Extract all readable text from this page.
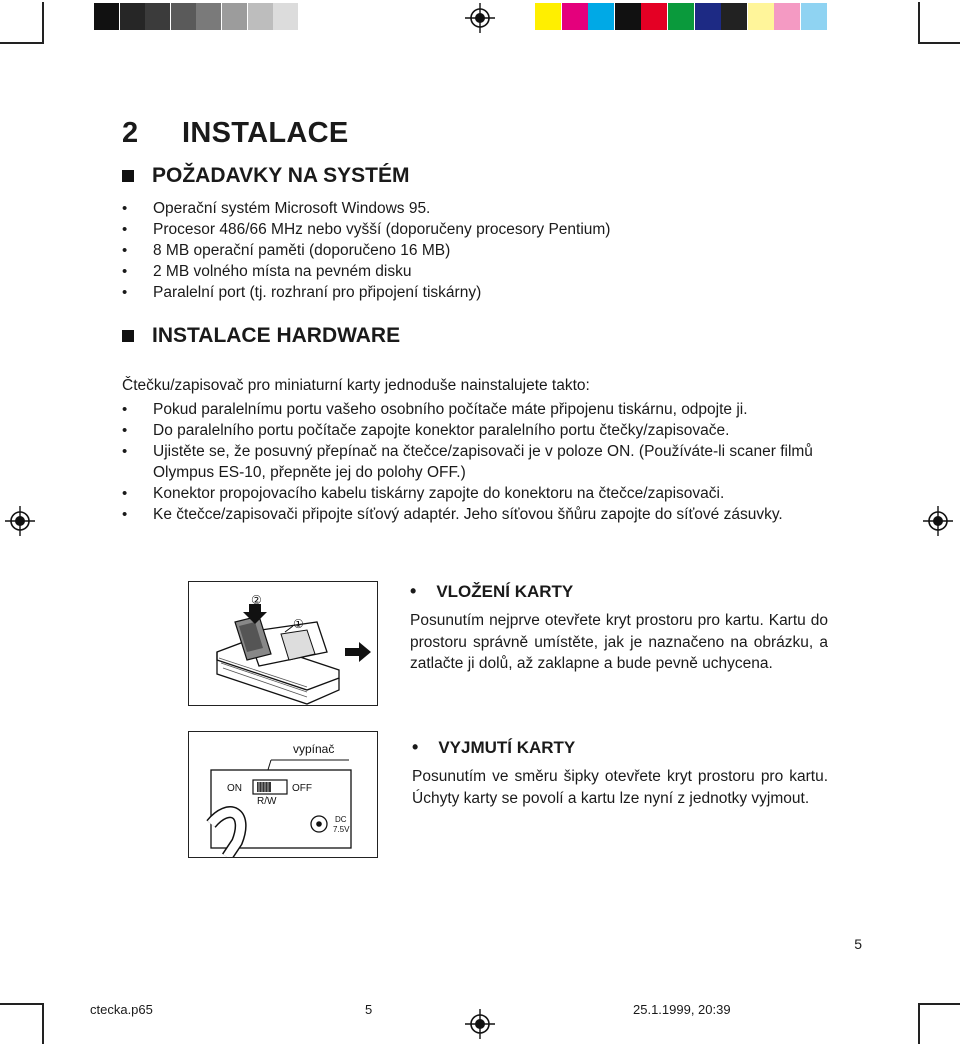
2 INSTALACE
POŽADAVKY NA SYSTÉM
• Operační systém Microsoft Windows 95.
• Procesor 486/66 MHz nebo vyšší (doporučeny procesory Pentium)
• 8 MB operační paměti (doporučeno 16 MB)
• 2 MB volného místa na pevném disku
• Paralelní port (tj. rozhraní pro připojení tiskárny)
INSTALACE HARDWARE

Čtečku/zapisovač pro miniaturní karty jednoduše nainstalujete takto:

• Pokud paralelnímu portu vašeho osobního počítače máte připojenu tiskárnu, odpojte ji.
• Do paralelního portu počítače zapojte konektor paralelního portu čtečky/zapisovače.
• Ujistěte se, že posuvný přepínač na čtečce/zapisovači je v poloze ON. (Používáte-li scaner filmů Olympus ES-10, přepněte jej do polohy OFF.)
• Konektor propojovacího kabelu tiskárny zapojte do konektoru na čtečce/zapisovači.
• Ke čtečce/zapisovači připojte síťový adaptér. Jeho síťovou šňůru zapojte do síťové zásuvky.
②
①
vypínač
ON	OFF
R/W
DC
7.5V
• VLOŽENÍ KARTY

Posunutím nejprve otevřete kryt prostoru pro kartu. Kartu do prostoru správně umístěte, jak je naznačeno na obrázku, a zatlačte ji dolů, až zaklapne a bude pevně uchycena.

• VYJMUTÍ KARTY

Posunutím ve směru šipky otevřete kryt prostoru pro kartu. Úchyty karty se povolí a kartu lze nyní z jednotky vyjmout.

5
ctecka.p65	5	25.1.1999, 20:39
